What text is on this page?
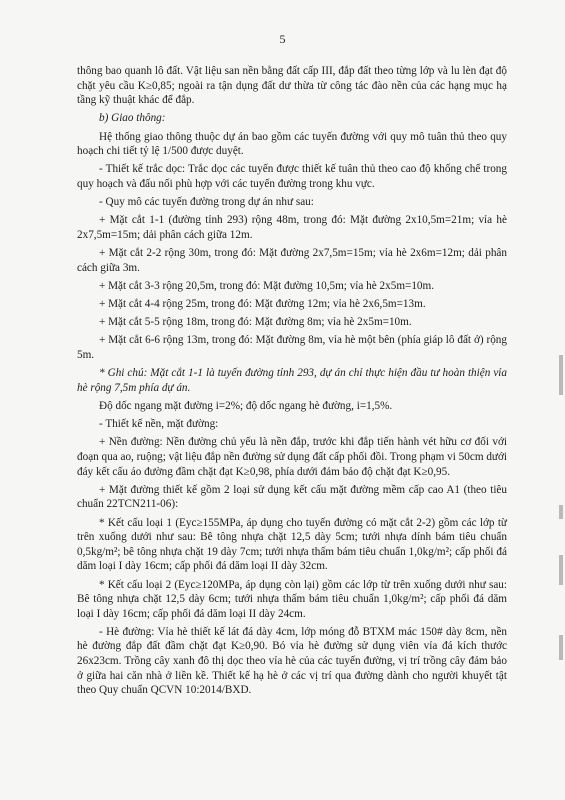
5

thông bao quanh lô đất. Vật liệu san nền bằng đất cấp III, đắp đất theo từng lớp và lu lèn đạt độ chặt yêu cầu K≥0,85; ngoài ra tận dụng đất dư thừa từ công tác đào nền của các hạng mục hạ tầng kỹ thuật khác để đắp.

b) Giao thông:

Hệ thống giao thông thuộc dự án bao gồm các tuyến đường với quy mô tuân thủ theo quy hoạch chi tiết tỷ lệ 1/500 được duyệt.

- Thiết kế trắc dọc: Trắc dọc các tuyến được thiết kế tuân thủ theo cao độ khống chế trong quy hoạch và đấu nối phù hợp với các tuyến đường trong khu vực.

- Quy mô các tuyến đường trong dự án như sau:

+ Mặt cắt 1-1 (đường tỉnh 293) rộng 48m, trong đó: Mặt đường 2x10,5m=21m; vỉa hè 2x7,5m=15m; dải phân cách giữa 12m.

+ Mặt cắt 2-2 rộng 30m, trong đó: Mặt đường 2x7,5m=15m; vỉa hè 2x6m=12m; dải phân cách giữa 3m.

+ Mặt cắt 3-3 rộng 20,5m, trong đó: Mặt đường 10,5m; vỉa hè 2x5m=10m.

+ Mặt cắt 4-4 rộng 25m, trong đó: Mặt đường 12m; vỉa hè 2x6,5m=13m.

+ Mặt cắt 5-5 rộng 18m, trong đó: Mặt đường 8m; vỉa hè 2x5m=10m.

+ Mặt cắt 6-6 rộng 13m, trong đó: Mặt đường 8m, vỉa hè một bên (phía giáp lô đất ở) rộng 5m.

* Ghi chú: Mặt cắt 1-1 là tuyến đường tỉnh 293, dự án chỉ thực hiện đầu tư hoàn thiện vỉa hè rộng 7,5m phía dự án.

Độ dốc ngang mặt đường i=2%; độ dốc ngang hè đường, i=1,5%.

- Thiết kế nền, mặt đường:

+ Nền đường: Nền đường chủ yếu là nền đắp, trước khi đắp tiến hành vét hữu cơ đối với đoạn qua ao, ruộng; vật liệu đắp nền đường sử dụng đất cấp phối đồi. Trong phạm vi 50cm dưới đáy kết cấu áo đường đầm chặt đạt K≥0,98, phía dưới đảm bảo độ chặt đạt K≥0,95.

+ Mặt đường thiết kế gồm 2 loại sử dụng kết cấu mặt đường mềm cấp cao A1 (theo tiêu chuẩn 22TCN211-06):

* Kết cấu loại 1 (Eyc≥155MPa, áp dụng cho tuyến đường có mặt cắt 2-2) gồm các lớp từ trên xuống dưới như sau: Bê tông nhựa chặt 12,5 dày 5cm; tưới nhựa dính bám tiêu chuẩn 0,5kg/m²; bê tông nhựa chặt 19 dày 7cm; tưới nhựa thấm bám tiêu chuẩn 1,0kg/m²; cấp phối đá dăm loại I dày 16cm; cấp phối đá dăm loại II dày 32cm.

* Kết cấu loại 2 (Eyc≥120MPa, áp dụng còn lại) gồm các lớp từ trên xuống dưới như sau: Bê tông nhựa chặt 12,5 dày 6cm; tưới nhựa thấm bám tiêu chuẩn 1,0kg/m²; cấp phối đá dăm loại I dày 16cm; cấp phối đá dăm loại II dày 24cm.

- Hè đường: Vỉa hè thiết kế lát đá dày 4cm, lớp móng đỗ BTXM mác 150# dày 8cm, nền hè đường đắp đất đầm chặt đạt K≥0,90. Bó vỉa hè đường sử dụng viên vỉa đá kích thước 26x23cm. Trồng cây xanh đô thị dọc theo vỉa hè của các tuyến đường, vị trí trồng cây đảm bảo ở giữa hai căn nhà ở liền kề. Thiết kế hạ hè ở các vị trí qua đường dành cho người khuyết tật theo Quy chuẩn QCVN 10:2014/BXD.
